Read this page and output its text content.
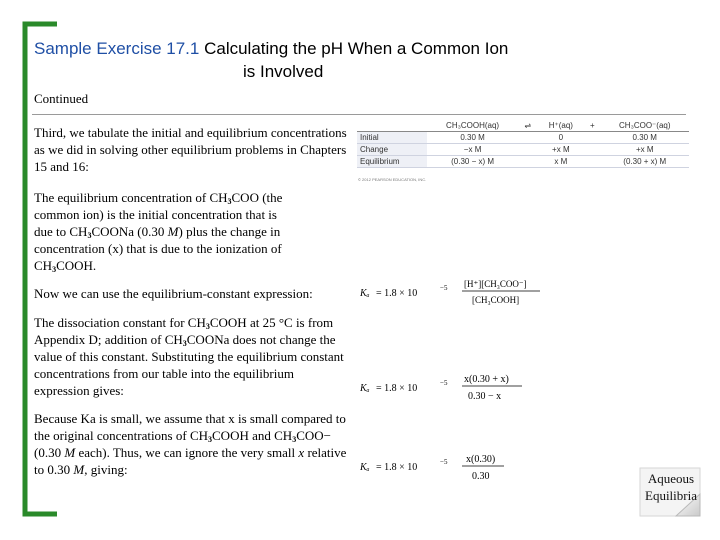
Sample Exercise 17.1 Calculating the pH When a Common Ion
is Involved
Continued
Third, we tabulate the initial and equilibrium concentrations as we did in solving other equilibrium problems in Chapters 15 and 16:
The equilibrium concentration of $CH_3COO$ (the common ion) is the initial concentration that is due to $CH_3COONa$ (0.30 M) plus the change in concentration (x) that is due to the ionization of $CH_3COOH$.
Now we can use the equilibrium-constant expression:
The dissociation constant for $CH_3COOH$ at 25 °C is from Appendix D; addition of $CH_3COONa$ does not change the value of this constant. Substituting the equilibrium constant concentrations from our table into the equilibrium expression gives:
Because Ka is small, we assume that x is small compared to the original concentrations of $CH_3COOH$ and $CH_3COO- (0.30$ M each). Thus, we can ignore the very small x relative to 0.30 M, giving:
	CH₃COOH(aq)	⇌	H⁺(aq)	+	CH₃COO⁻(aq)
Initial	0.30 M		0		0.30 M
Change	−x M		+x M		+x M
Equilibrium	(0.30 − x) M		x M		(0.30 + x) M
© 2012 PEARSON EDUCATION, INC.
Kₐ = 1.8 × 10	−5 [H⁺][CH₃COO⁻]
[CH₃COOH]
Kₐ = 1.8 × 10	−5 x(0.30 + x)
0.30 − x
Kₐ = 1.8 × 10	−5 x(0.30)
0.30	Aqueous
Equilibria
